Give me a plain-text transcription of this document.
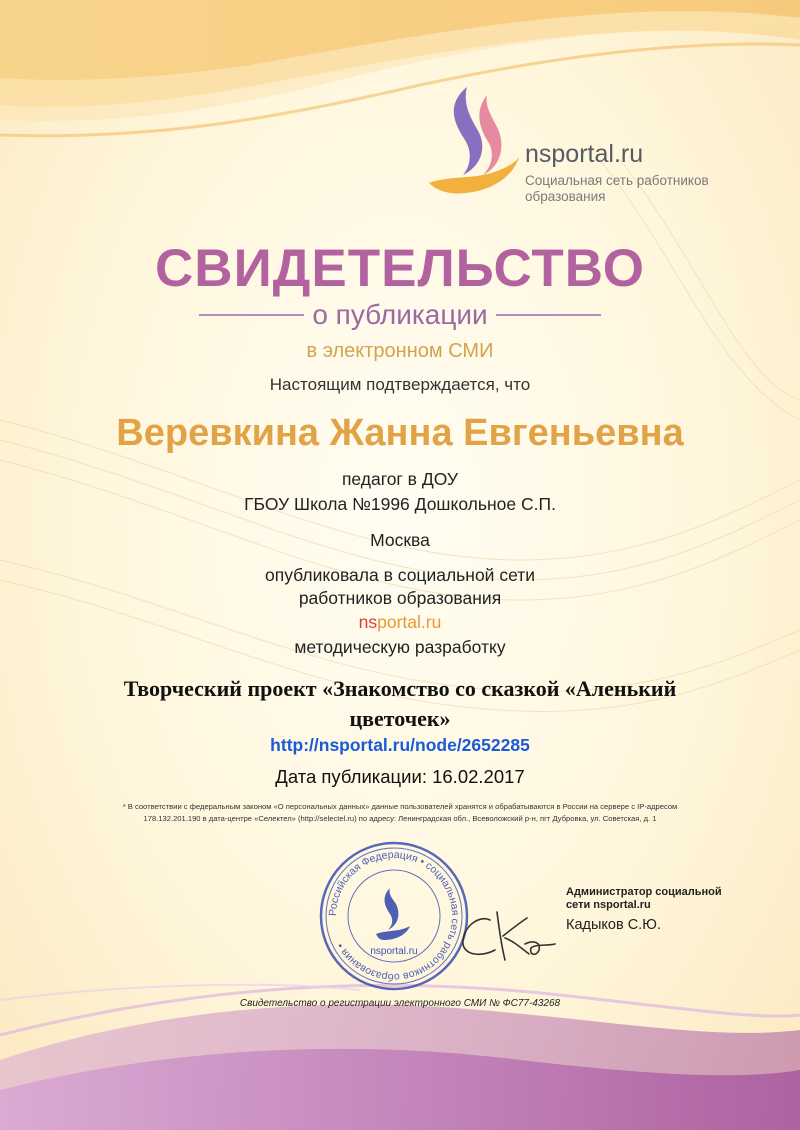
nsportal.ru
Социальная сеть работников
образования
СВИДЕТЕЛЬСТВО
о публикации
в электронном СМИ
Настоящим подтверждается, что
Веревкина Жанна Евгеньевна
педагог в ДОУ
ГБОУ Школа №1996 Дошкольное С.П.
Москва
опубликовала в социальной сети
работников образования
nsportal.ru
методическую разработку
Творческий проект «Знакомство со сказкой «Аленький
цветочек»
http://nsportal.ru/node/2652285
Дата публикации: 16.02.2017
* В соответствии с федеральным законом «О персональных данных» данные пользователей хранятся и обрабатываются в России на сервере с IP-адресом
178.132.201.190 в дата-центре «Селектел» (http://selectel.ru) по адресу: Ленинградская обл., Всеволожский р-н, пгт Дубровка, ул. Советская, д. 1
Российская Федерация • социальная сеть работников образования •
nsportal.ru
Администратор социальной
сети nsportal.ru
Кадыков С.Ю.
Свидетельство о регистрации электронного СМИ № ФС77-43268
